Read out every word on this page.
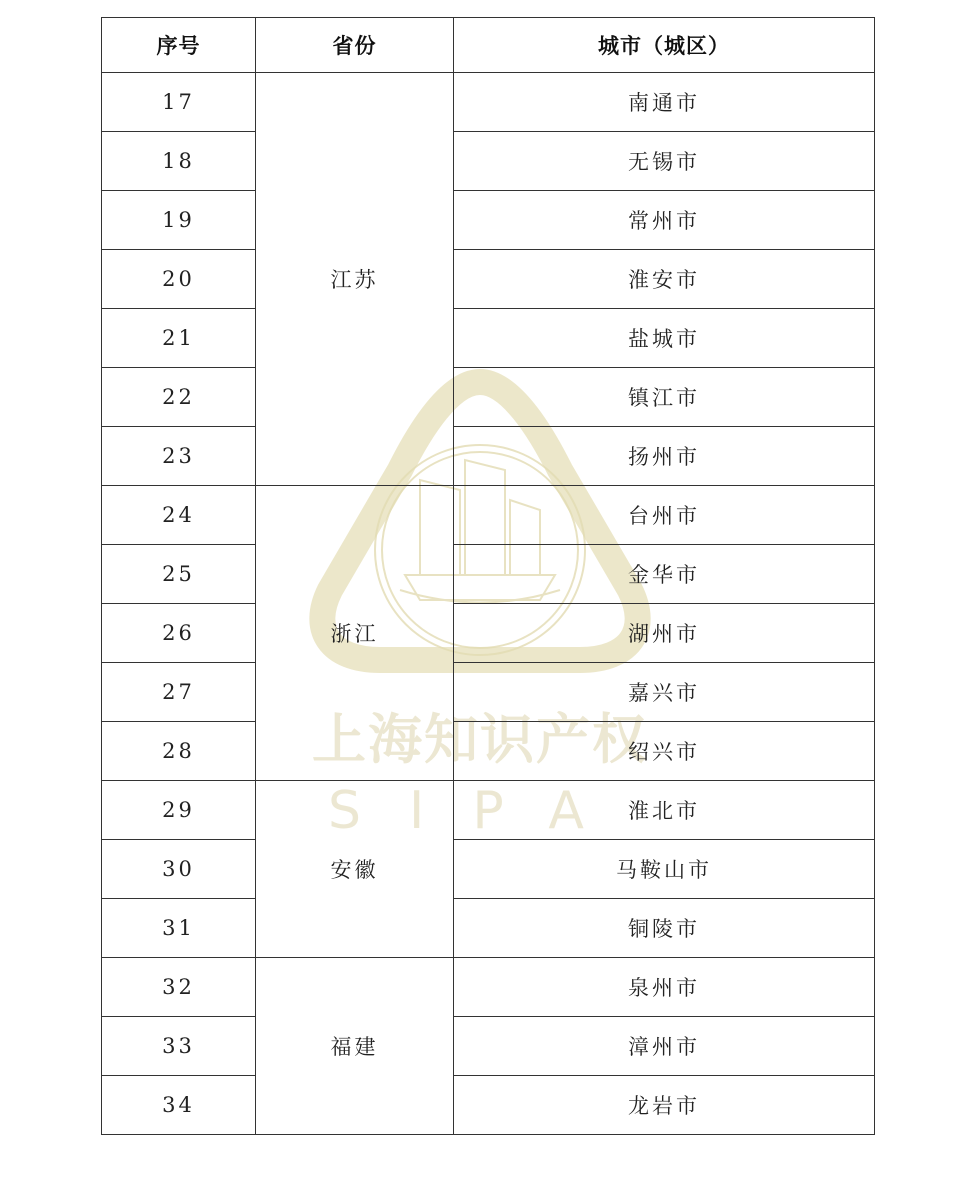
上海知识产权
SIPA
序号	省份	城市（城区）
17	江苏	南通市
18		无锡市
19		常州市
20		淮安市
21		盐城市
22		镇江市
23		扬州市
24	浙江	台州市
25		金华市
26		湖州市
27		嘉兴市
28		绍兴市
29	安徽	淮北市
30		马鞍山市
31		铜陵市
32	福建	泉州市
33		漳州市
34		龙岩市
